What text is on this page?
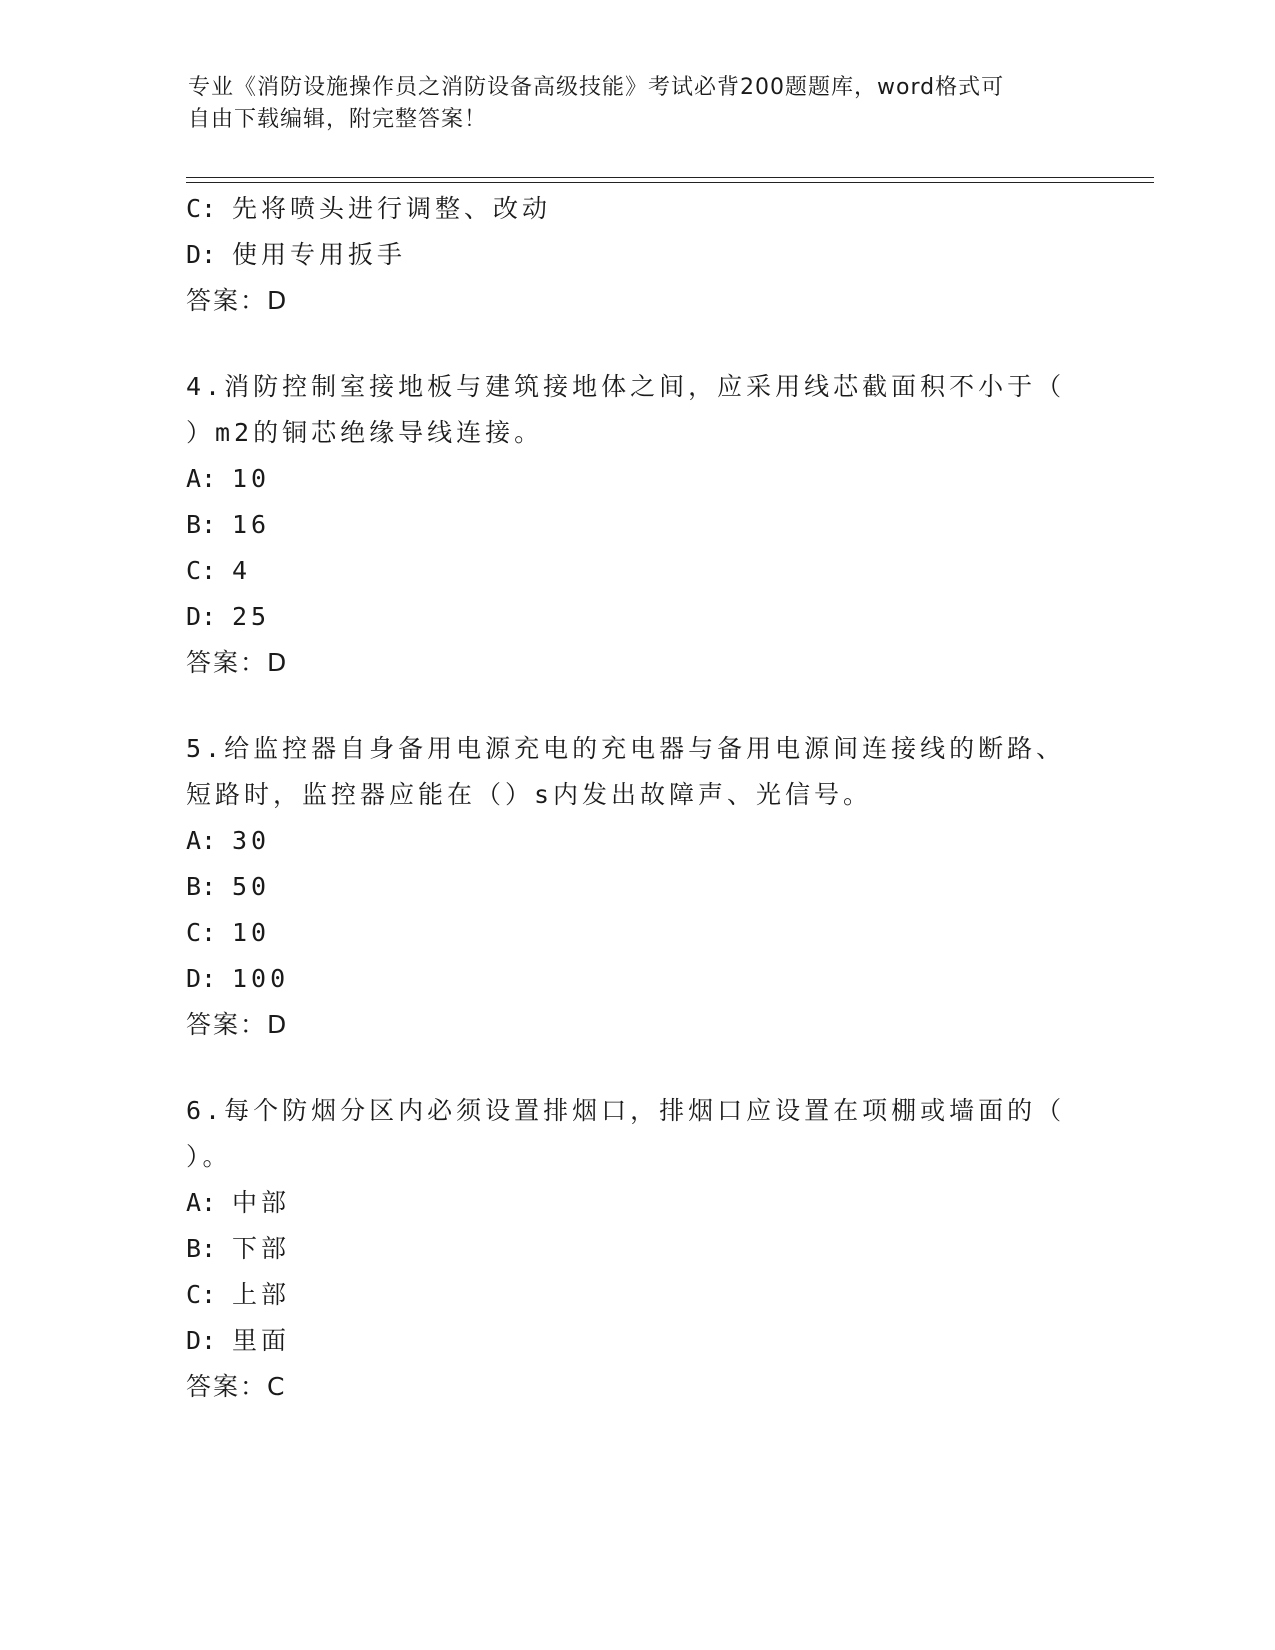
专业《消防设施操作员之消防设备高级技能》考试必背200题题库，word格式可
自由下载编辑，附完整答案！
C: 先将喷头进行调整、改动
D: 使用专用扳手
答案：D
4.消防控制室接地板与建筑接地体之间，应采用线芯截面积不小于（
）m2的铜芯绝缘导线连接。
A: 10
B: 16
C: 4
D: 25
答案：D
5.给监控器自身备用电源充电的充电器与备用电源间连接线的断路、
短路时，监控器应能在（）s内发出故障声、光信号。
A: 30
B: 50
C: 10
D: 100
答案：D
6.每个防烟分区内必须设置排烟口，排烟口应设置在项棚或墙面的（
）。
A: 中部
B: 下部
C: 上部
D: 里面
答案：C
